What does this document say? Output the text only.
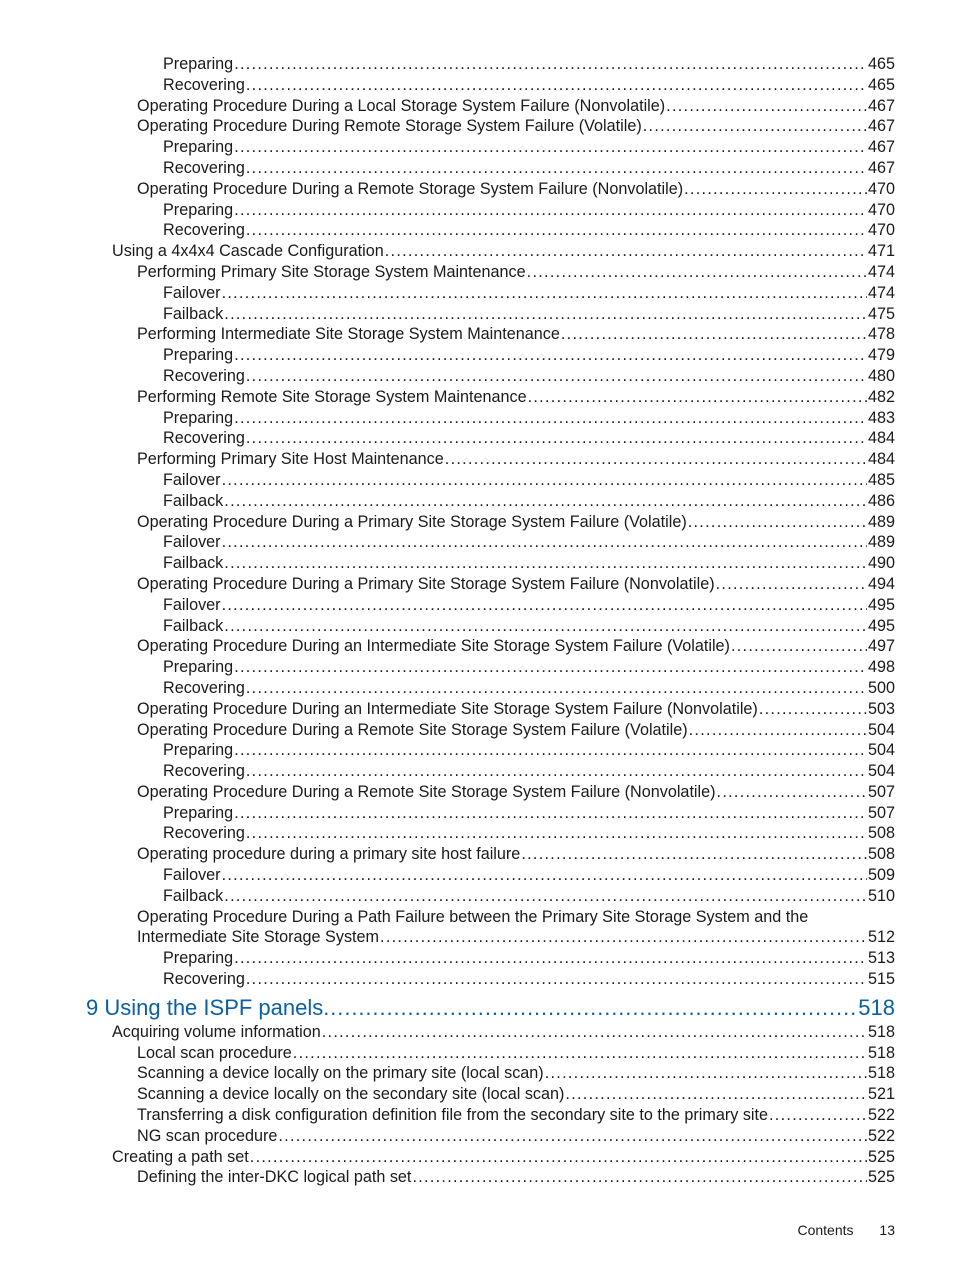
Preparing . . .	465
Recovering . . .	465
Operating Procedure During a Local Storage System Failure (Nonvolatile) . . .	467
Operating Procedure During Remote Storage System Failure (Volatile) . . .	467
Preparing . . .	467
Recovering . . .	467
Operating Procedure During a Remote Storage System Failure (Nonvolatile) . . .	470
Preparing . . .	470
Recovering . . .	470
Using a 4x4x4 Cascade Configuration . . .	471
Performing Primary Site Storage System Maintenance . . .	474
Failover . . .	474
Failback . . .	475
Performing Intermediate Site Storage System Maintenance . . .	478
Preparing . . .	479
Recovering . . .	480
Performing Remote Site Storage System Maintenance . . .	482
Preparing . . .	483
Recovering . . .	484
Performing Primary Site Host Maintenance . . .	484
Failover . . .	485
Failback . . .	486
Operating Procedure During a Primary Site Storage System Failure (Volatile) . . .	489
Failover . . .	489
Failback . . .	490
Operating Procedure During a Primary Site Storage System Failure (Nonvolatile) . . .	494
Failover . . .	495
Failback . . .	495
Operating Procedure During an Intermediate Site Storage System Failure (Volatile) . . .	497
Preparing . . .	498
Recovering . . .	500
Operating Procedure During an Intermediate Site Storage System Failure (Nonvolatile) . . .	503
Operating Procedure During a Remote Site Storage System Failure (Volatile) . . .	504
Preparing . . .	504
Recovering . . .	504
Operating Procedure During a Remote Site Storage System Failure (Nonvolatile) . . .	507
Preparing . . .	507
Recovering . . .	508
Operating procedure during a primary site host failure . . .	508
Failover . . .	509
Failback . . .	510
Operating Procedure During a Path Failure between the Primary Site Storage System and the
Intermediate Site Storage System . . .	512
Preparing . . .	513
Recovering . . .	515
9 Using the ISPF panels . . .	518
Acquiring volume information . . .	518
Local scan procedure . . .	518
Scanning a device locally on the primary site (local scan) . . .	518
Scanning a device locally on the secondary site (local scan) . . .	521
Transferring a disk configuration definition file from the secondary site to the primary site . . .	522
NG scan procedure . . .	522
Creating a path set . . .	525
Defining the inter-DKC logical path set . . .	525
Contents 13
